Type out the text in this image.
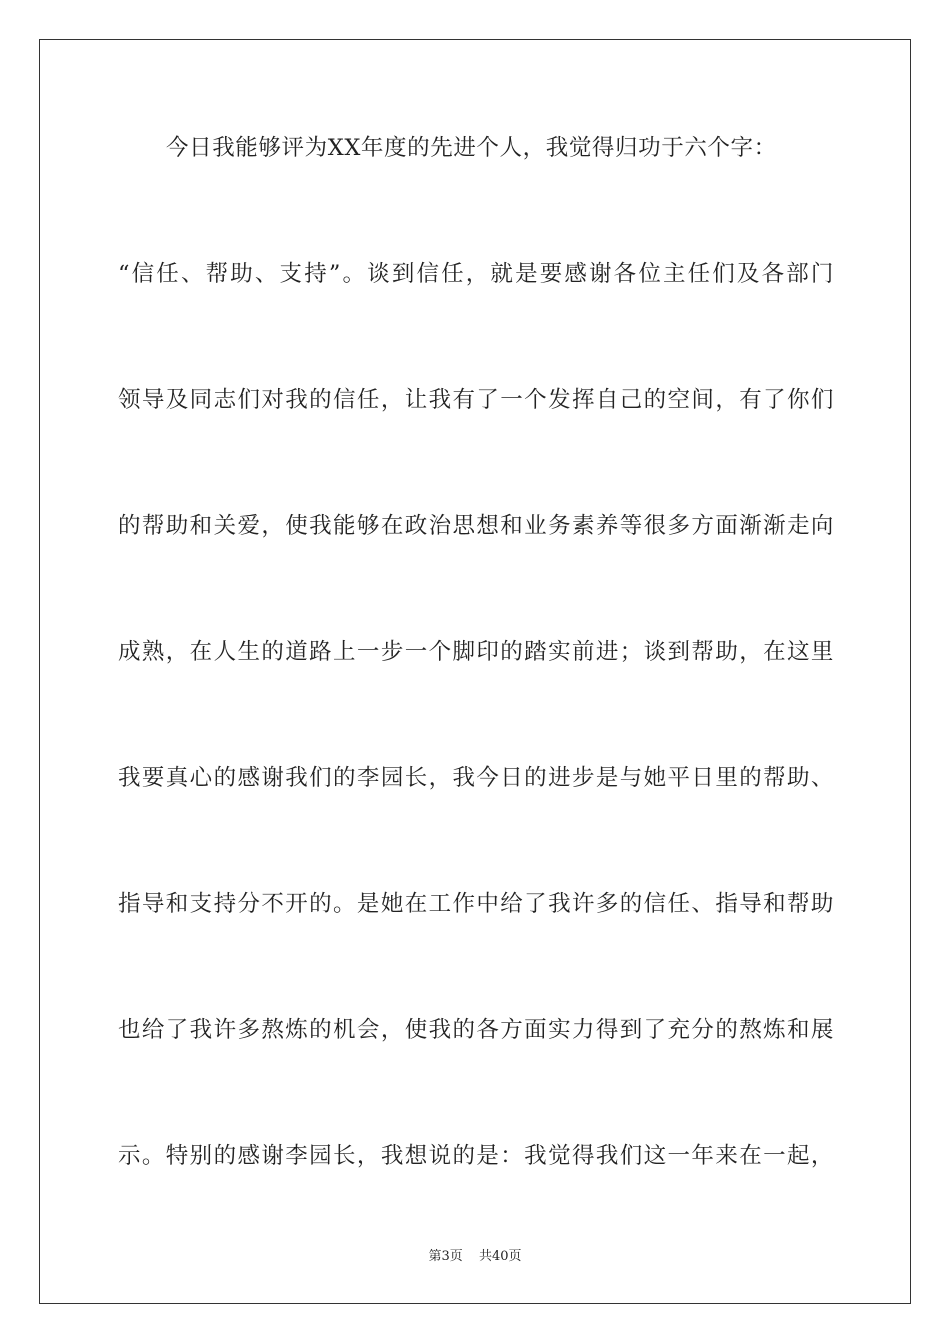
今日我能够评为XX年度的先进个人，我觉得归功于六个字：
“信任、帮助、支持”。谈到信任，就是要感谢各位主任们及各部门
领导及同志们对我的信任，让我有了一个发挥自己的空间，有了你们
的帮助和关爱，使我能够在政治思想和业务素养等很多方面渐渐走向
成熟，在人生的道路上一步一个脚印的踏实前进；谈到帮助，在这里
我要真心的感谢我们的李园长，我今日的进步是与她平日里的帮助、
指导和支持分不开的。是她在工作中给了我许多的信任、指导和帮助
也给了我许多熬炼的机会，使我的各方面实力得到了充分的熬炼和展
示。特别的感谢李园长，我想说的是：我觉得我们这一年来在一起，
第3页 共40页
